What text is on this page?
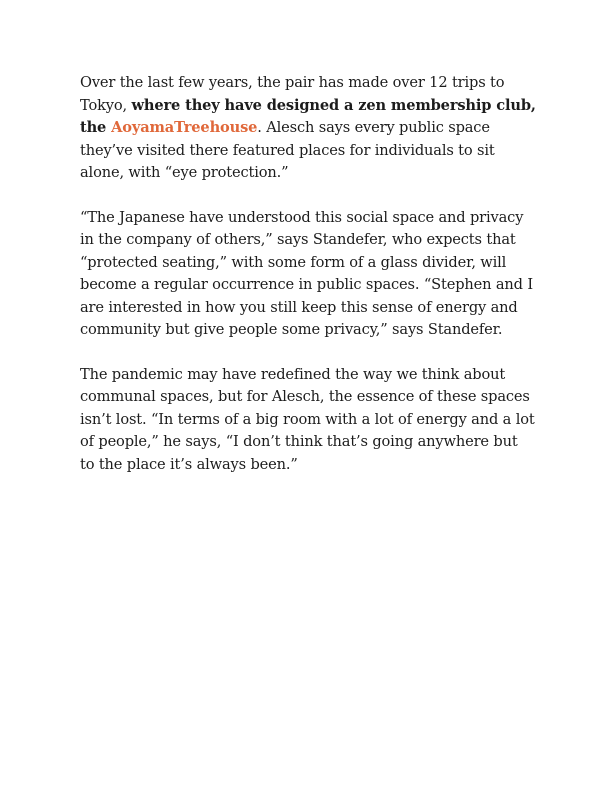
Over the last few years, the pair has made over 12 trips to Tokyo, where they have designed a zen membership club, the AoyamaTreehouse. Alesch says every public space they’ve visited there featured places for individuals to sit alone, with “eye protection.”

“The Japanese have understood this social space and privacy in the company of others,” says Standefer, who expects that “protected seating,” with some form of a glass divider, will become a regular occurrence in public spaces. “Stephen and I are interested in how you still keep this sense of energy and community but give people some privacy,” says Standefer.

The pandemic may have redefined the way we think about communal spaces, but for Alesch, the essence of these spaces isn’t lost. “In terms of a big room with a lot of energy and a lot of people,” he says, “I don’t think that’s going anywhere but to the place it’s always been.”
